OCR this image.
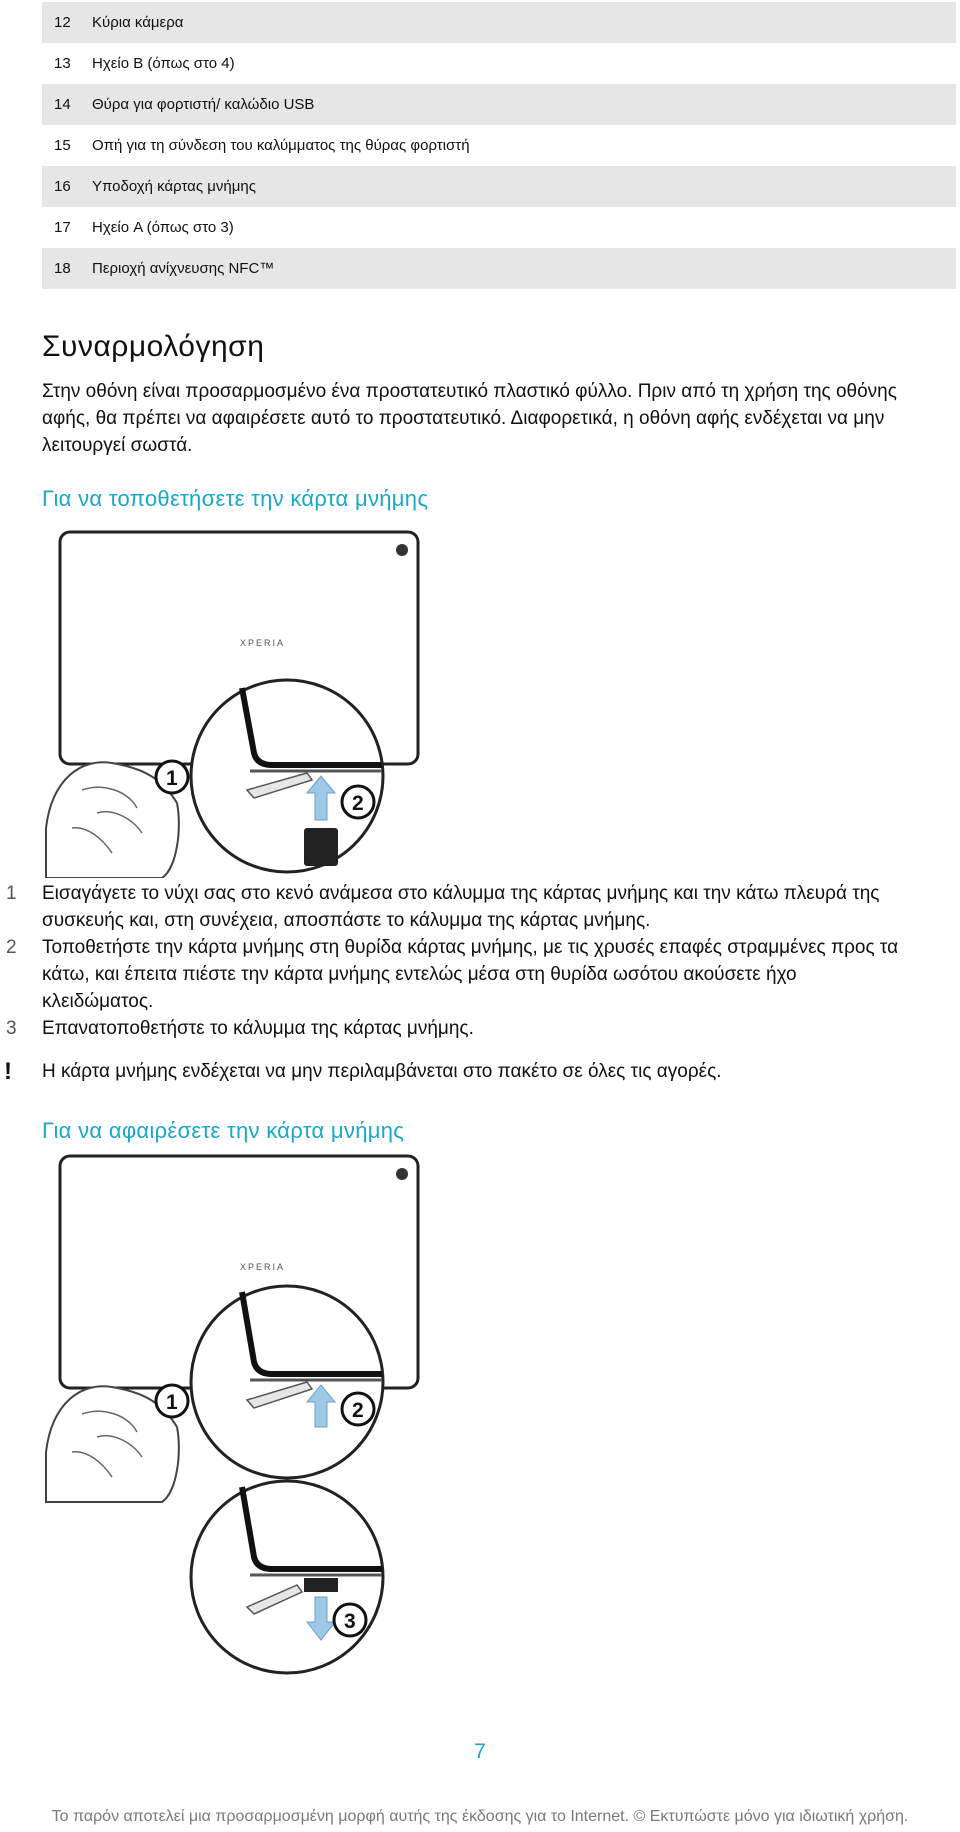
12	Κύρια κάμερα
13	Ηχείο B (όπως στο 4)
14	Θύρα για φορτιστή/ καλώδιο USB
15	Οπή για τη σύνδεση του καλύμματος της θύρας φορτιστή
16	Υποδοχή κάρτας μνήμης
17	Ηχείο A (όπως στο 3)
18	Περιοχή ανίχνευσης NFC™
Συναρμολόγηση
Στην οθόνη είναι προσαρμοσμένο ένα προστατευτικό πλαστικό φύλλο. Πριν από τη χρήση της οθόνης αφής, θα πρέπει να αφαιρέσετε αυτό το προστατευτικό. Διαφορετικά, η οθόνη αφής ενδέχεται να μην λειτουργεί σωστά.
Για να τοποθετήσετε την κάρτα μνήμης
XPERIA
1
2
1	Εισαγάγετε το νύχι σας στο κενό ανάμεσα στο κάλυμμα της κάρτας μνήμης και την κάτω πλευρά της συσκευής και, στη συνέχεια, αποσπάστε το κάλυμμα της κάρτας μνήμης.
2	Τοποθετήστε την κάρτα μνήμης στη θυρίδα κάρτας μνήμης, με τις χρυσές επαφές στραμμένες προς τα κάτω, και έπειτα πιέστε την κάρτα μνήμης εντελώς μέσα στη θυρίδα ωσότου ακούσετε ήχο κλειδώματος.
3	Επανατοποθετήστε το κάλυμμα της κάρτας μνήμης.
!	Η κάρτα μνήμης ενδέχεται να μην περιλαμβάνεται στο πακέτο σε όλες τις αγορές.
Για να αφαιρέσετε την κάρτα μνήμης
XPERIA
1	2
3
7
Το παρόν αποτελεί μια προσαρμοσμένη μορφή αυτής της έκδοσης για το Internet. © Εκτυπώστε μόνο για ιδιωτική χρήση.
